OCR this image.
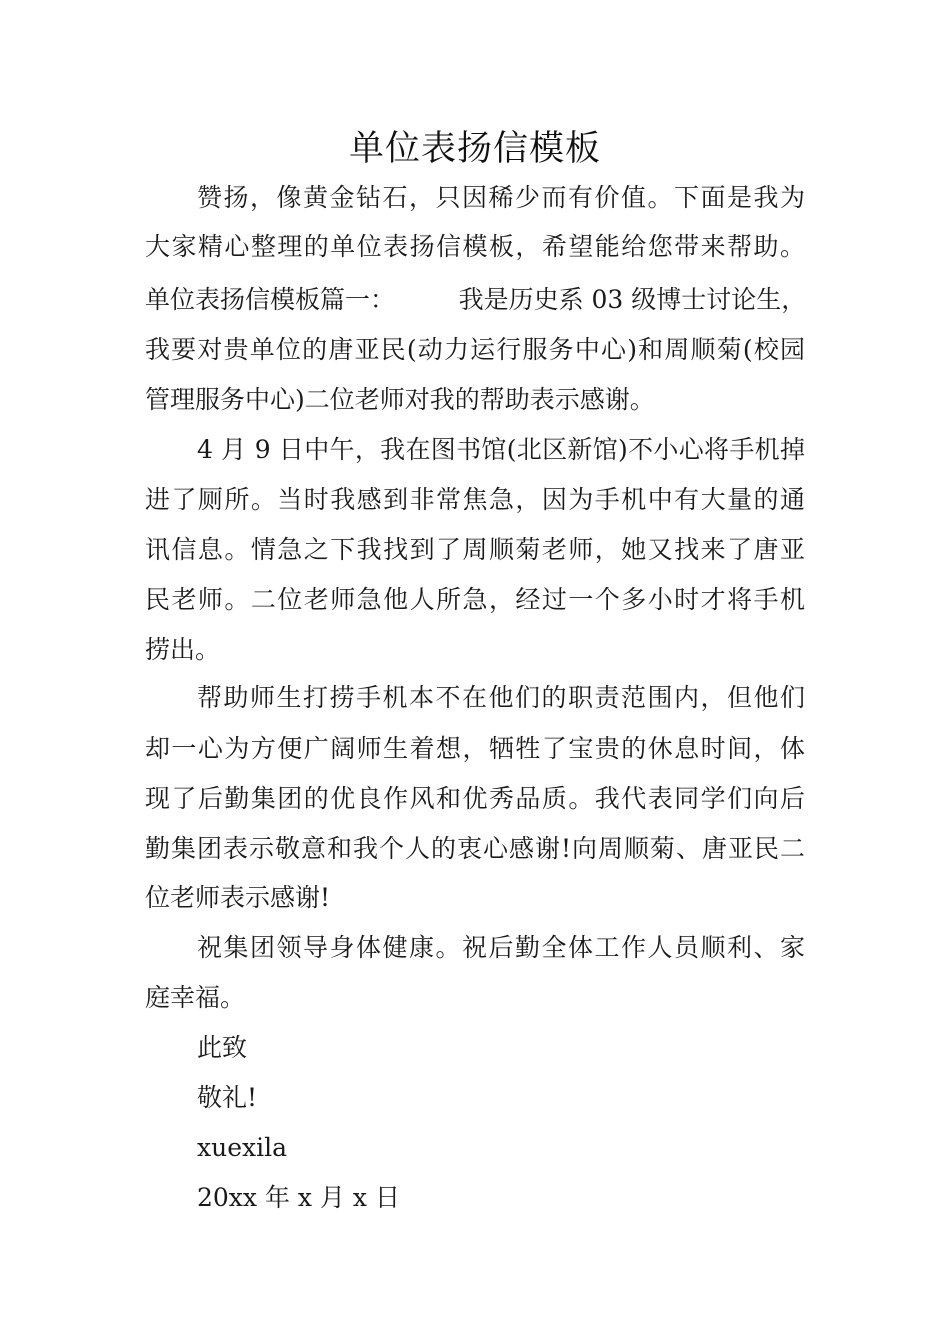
单位表扬信模板
赞扬，像黄金钻石，只因稀少而有价值。下面是我为
大家精心整理的单位表扬信模板，希望能给您带来帮助。
单位表扬信模板篇一：        我是历史系 03 级博士讨论生，
我要对贵单位的唐亚民(动力运行服务中心)和周顺菊(校园
管理服务中心)二位老师对我的帮助表示感谢。
4 月 9 日中午，我在图书馆(北区新馆)不小心将手机掉
进了厕所。当时我感到非常焦急，因为手机中有大量的通
讯信息。情急之下我找到了周顺菊老师，她又找来了唐亚
民老师。二位老师急他人所急，经过一个多小时才将手机
捞出。
帮助师生打捞手机本不在他们的职责范围内，但他们
却一心为方便广阔师生着想，牺牲了宝贵的休息时间，体
现了后勤集团的优良作风和优秀品质。我代表同学们向后
勤集团表示敬意和我个人的衷心感谢!向周顺菊、唐亚民二
位老师表示感谢!
祝集团领导身体健康。祝后勤全体工作人员顺利、家
庭幸福。
此致
敬礼!
xuexila
20xx 年 x 月 x 日
